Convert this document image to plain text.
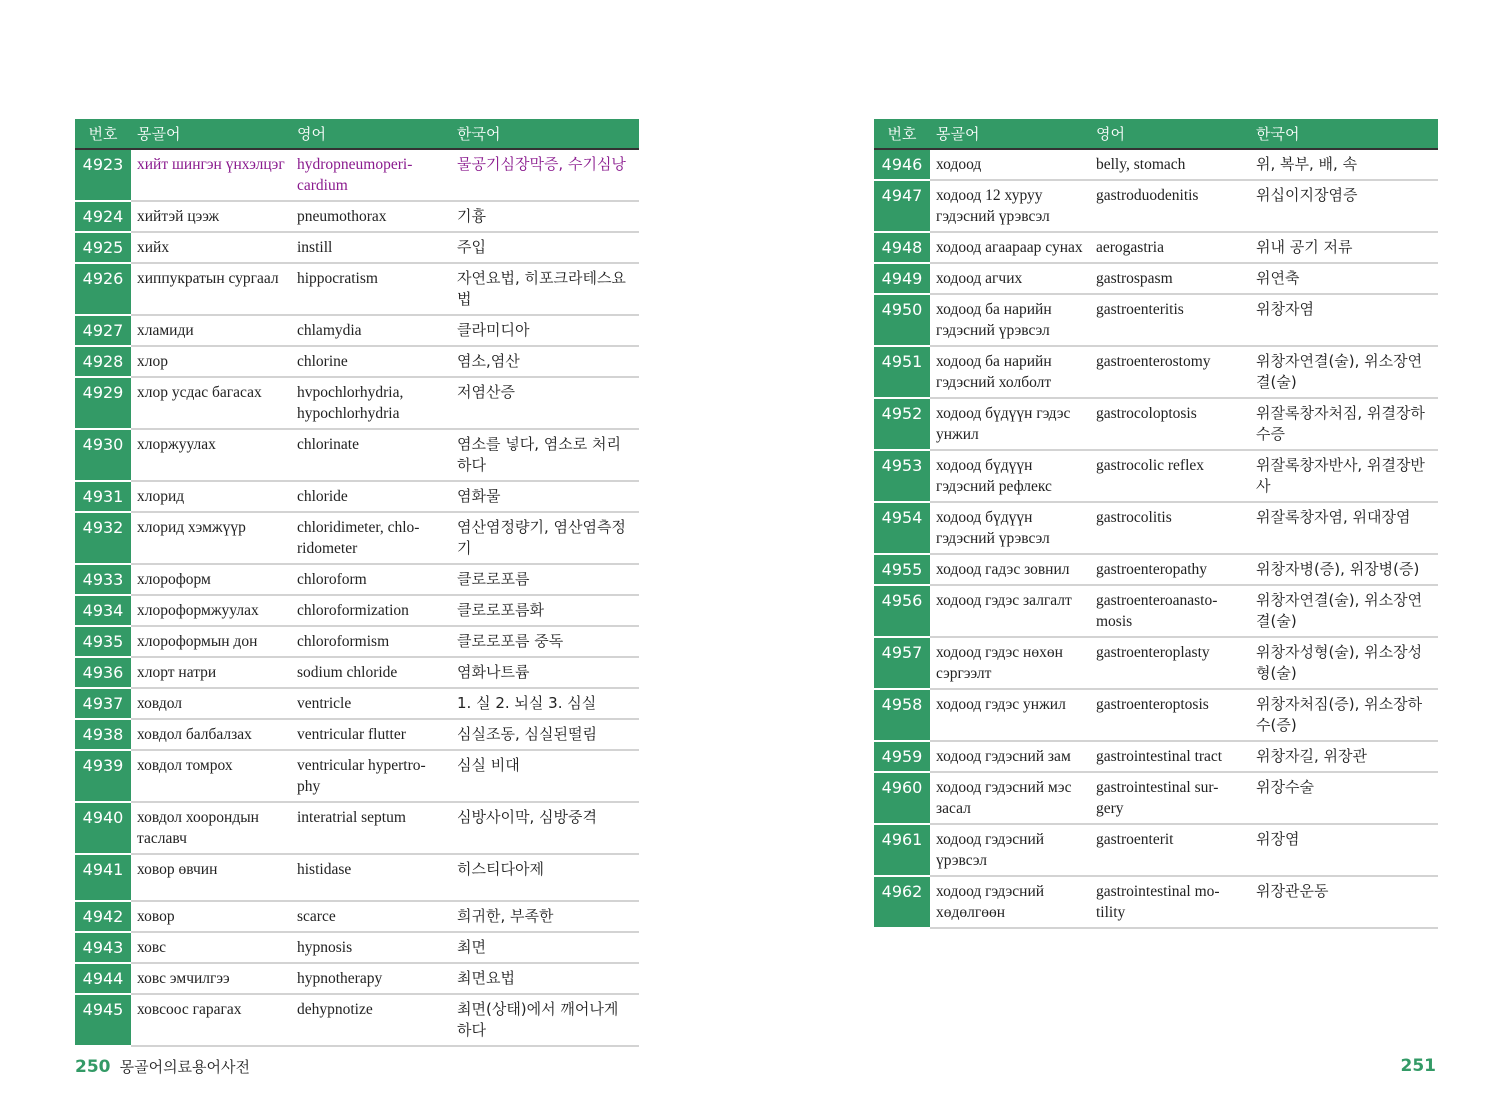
번호	몽골어	영어	한국어
4923	хийт шингэн үнхэлцэг	hydropneumoperi-cardium	물공기심장막증, 수기심낭
4924	хийтэй цээж	pneumothorax	기흉
4925	хийх	instill	주입
4926	хиппукратын сургаал	hippocratism	자연요법, 히포크라테스요법
4927	хламиди	chlamydia	클라미디아
4928	хлор	chlorine	염소,염산
4929	хлор усдас багасах	hvpochlorhydria, hypochlorhydria	저염산증
4930	хлоржуулах	chlorinate	염소를 넣다, 염소로 처리하다
4931	хлорид	chloride	염화물
4932	хлорид хэмжүүр	chloridimeter, chlo-ridometer	염산염정량기, 염산염측정기
4933	хлороформ	chloroform	클로로포름
4934	хлороформжуулах	chloroformization	클로로포름화
4935	хлороформын дон	chloroformism	클로로포름 중독
4936	хлорт натри	sodium chloride	염화나트륨
4937	ховдол	ventricle	1. 실 2. 뇌실 3. 심실
4938	ховдол балбалзах	ventricular flutter	심실조동, 심실된떨림
4939	ховдол томрох	ventricular hypertro-phy	심실 비대
4940	ховдол хоорондын таславч	interatrial septum	심방사이막, 심방중격
4941	ховор өвчин	histidase	히스티다아제
4942	ховор	scarce	희귀한, 부족한
4943	ховс	hypnosis	최면
4944	ховс эмчилгээ	hypnotherapy	최면요법
4945	ховсоос гарагах	dehypnotize	최면(상태)에서 깨어나게 하다
번호	몽골어	영어	한국어
4946	ходоод	belly, stomach	위, 복부, 배, 속
4947	ходоод 12 хуруу гэдэсний үрэвсэл	gastroduodenitis	위십이지장염증
4948	ходоод агаараар сунах	aerogastria	위내 공기 저류
4949	ходоод агчих	gastrospasm	위연축
4950	ходоод ба нарийн гэдэсний үрэвсэл	gastroenteritis	위창자염
4951	ходоод ба нарийн гэдэсний холболт	gastroenterostomy	위창자연결(술), 위소장연결(술)
4952	ходоод бүдүүн гэдэс унжил	gastrocoloptosis	위잘록창자처짐, 위결장하수증
4953	ходоод бүдүүн гэдэсний рефлекс	gastrocolic reflex	위잘록창자반사, 위결장반사
4954	ходоод бүдүүн гэдэсний үрэвсэл	gastrocolitis	위잘록창자염, 위대장염
4955	ходоод гадэс зовнил	gastroenteropathy	위창자병(증), 위장병(증)
4956	ходоод гэдэс залгалт	gastroenteroanasto-mosis	위창자연결(술), 위소장연결(술)
4957	ходоод гэдэс нөхөн сэргээлт	gastroenteroplasty	위창자성형(술), 위소장성형(술)
4958	ходоод гэдэс унжил	gastroenteroptosis	위창자처짐(증), 위소장하수(증)
4959	ходоод гэдэсний зам	gastrointestinal tract	위창자길, 위장관
4960	ходоод гэдэсний мэс засал	gastrointestinal sur-gery	위장수술
4961	ходоод гэдэсний үрэвсэл	gastroenterit	위장염
4962	ходоод гэдэсний хөдөлгөөн	gastrointestinal mo-tility	위장관운동
250 몽골어의료용어사전	251
